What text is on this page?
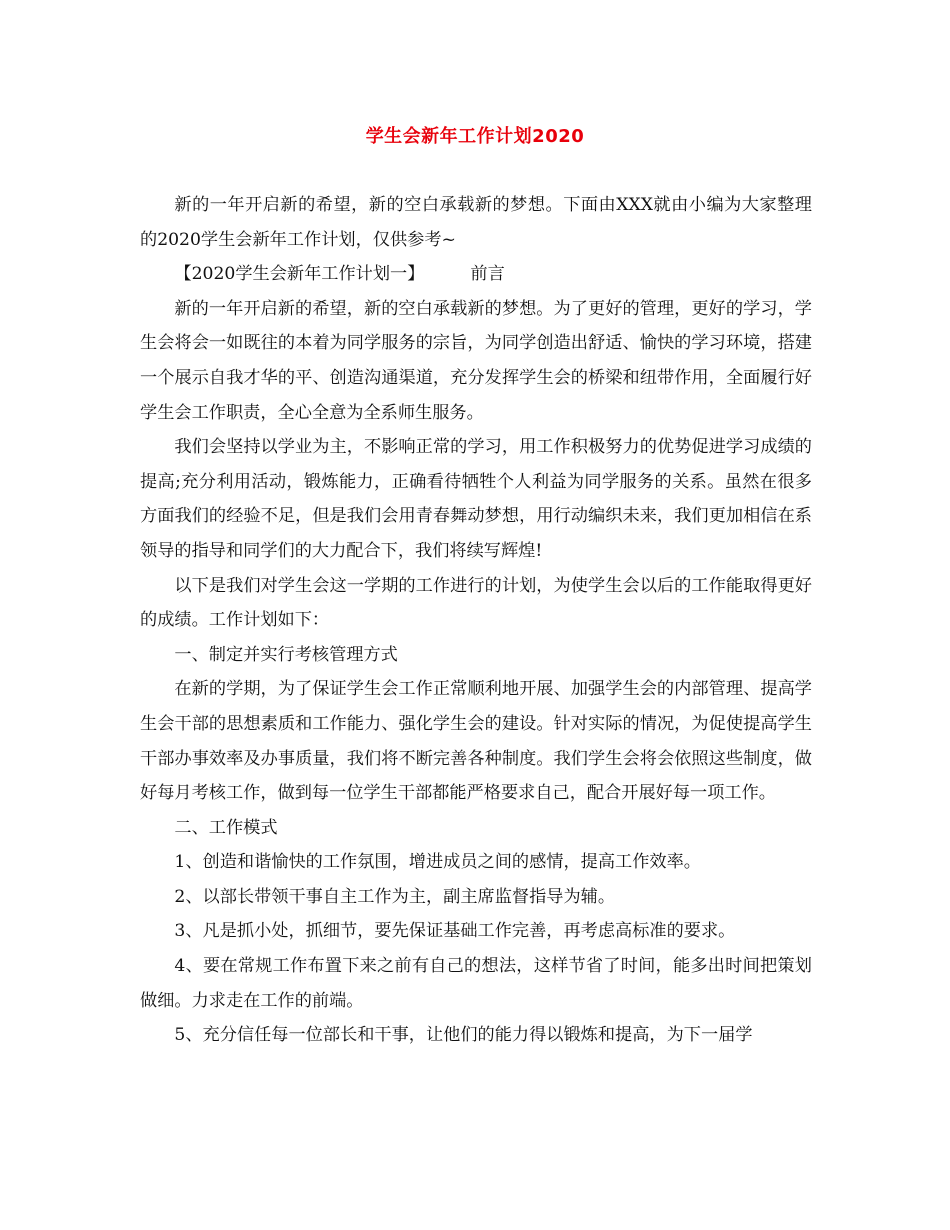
学生会新年工作计划2020

新的一年开启新的希望，新的空白承载新的梦想。下面由XXX就由小编为大家整理的2020学生会新年工作计划，仅供参考~

【2020学生会新年工作计划一】	前言

新的一年开启新的希望，新的空白承载新的梦想。为了更好的管理，更好的学习，学生会将会一如既往的本着为同学服务的宗旨，为同学创造出舒适、愉快的学习环境，搭建一个展示自我才华的平、创造沟通渠道，充分发挥学生会的桥梁和纽带作用，全面履行好学生会工作职责，全心全意为全系师生服务。

我们会坚持以学业为主，不影响正常的学习，用工作积极努力的优势促进学习成绩的提高;充分利用活动，锻炼能力，正确看待牺牲个人利益为同学服务的关系。虽然在很多方面我们的经验不足，但是我们会用青春舞动梦想，用行动编织未来，我们更加相信在系领导的指导和同学们的大力配合下，我们将续写辉煌!

以下是我们对学生会这一学期的工作进行的计划，为使学生会以后的工作能取得更好的成绩。工作计划如下：

一、制定并实行考核管理方式

在新的学期，为了保证学生会工作正常顺利地开展、加强学生会的内部管理、提高学生会干部的思想素质和工作能力、强化学生会的建设。针对实际的情况，为促使提高学生干部办事效率及办事质量，我们将不断完善各种制度。我们学生会将会依照这些制度，做好每月考核工作，做到每一位学生干部都能严格要求自己，配合开展好每一项工作。

二、工作模式

1、创造和谐愉快的工作氛围，增进成员之间的感情，提高工作效率。

2、以部长带领干事自主工作为主，副主席监督指导为辅。

3、凡是抓小处，抓细节，要先保证基础工作完善，再考虑高标准的要求。

4、要在常规工作布置下来之前有自己的想法，这样节省了时间，能多出时间把策划做细。力求走在工作的前端。

5、充分信任每一位部长和干事，让他们的能力得以锻炼和提高，为下一届学
